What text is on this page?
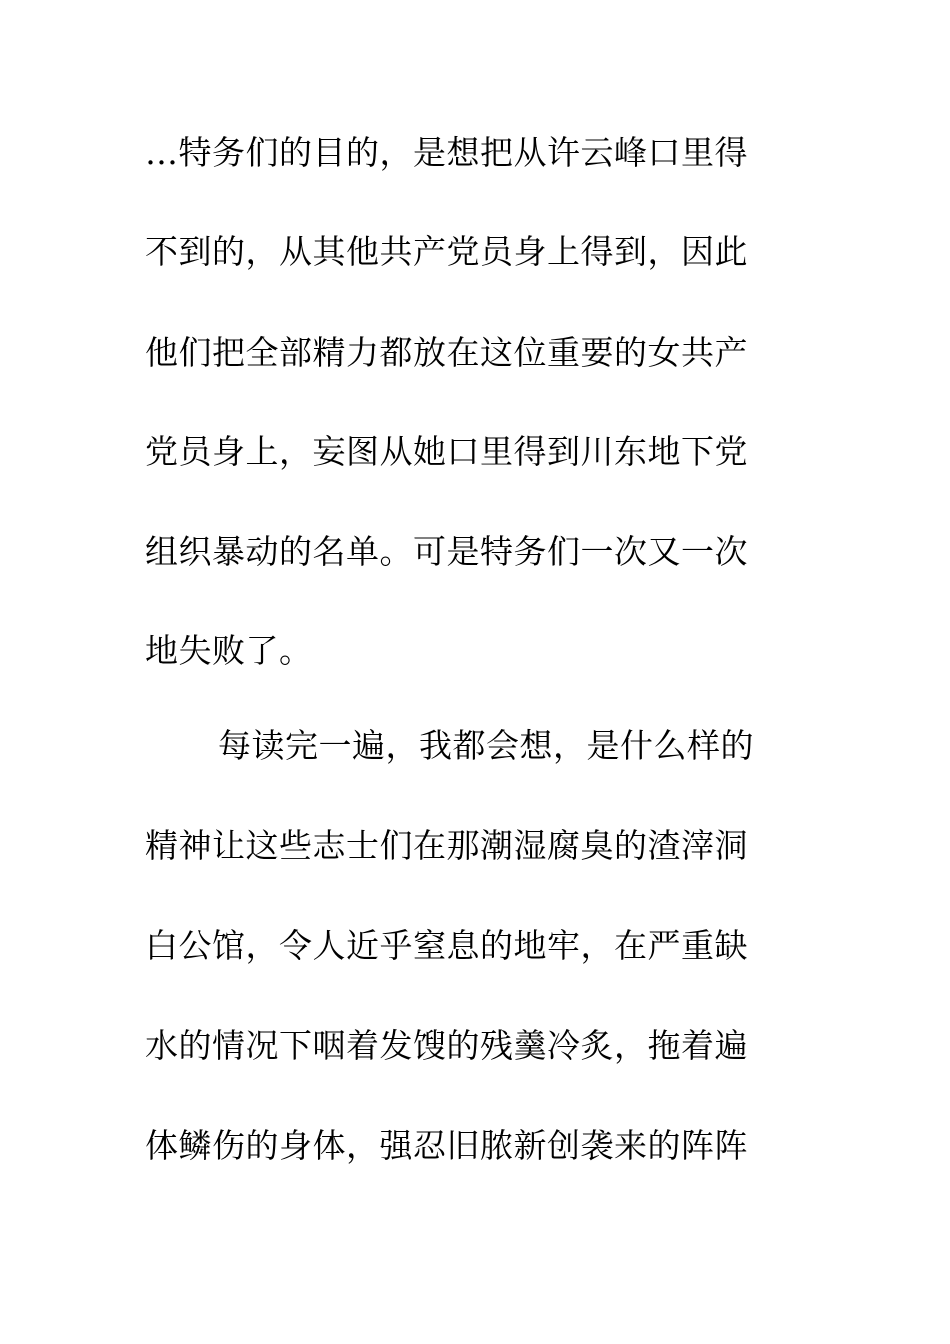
…特务们的目的，是想把从许云峰口里得
不到的，从其他共产党员身上得到，因此
他们把全部精力都放在这位重要的女共产
党员身上，妄图从她口里得到川东地下党
组织暴动的名单。可是特务们一次又一次
地失败了。
每读完一遍，我都会想，是什么样的
精神让这些志士们在那潮湿腐臭的渣滓洞
白公馆，令人近乎窒息的地牢，在严重缺
水的情况下咽着发馊的残羹冷炙，拖着遍
体鳞伤的身体，强忍旧脓新创袭来的阵阵
